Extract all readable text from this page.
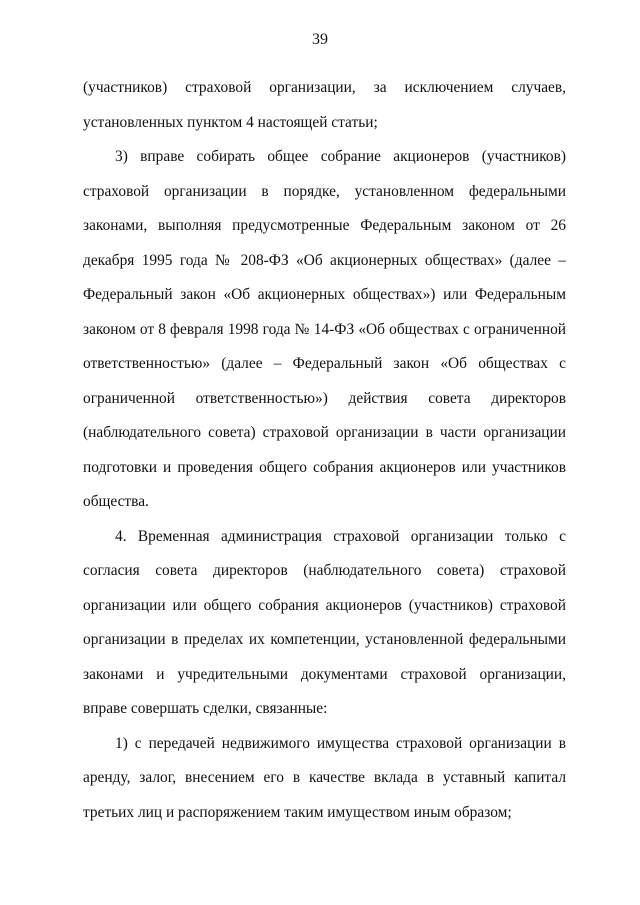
39

(участников) страховой организации, за исключением случаев, установленных пунктом 4 настоящей статьи;

3) вправе собирать общее собрание акционеров (участников) страховой организации в порядке, установленном федеральными законами, выполняя предусмотренные Федеральным законом от 26 декабря 1995 года № 208-ФЗ «Об акционерных обществах» (далее – Федеральный закон «Об акционерных обществах») или Федеральным законом от 8 февраля 1998 года № 14-ФЗ «Об обществах с ограниченной ответственностью» (далее – Федеральный закон «Об обществах с ограниченной ответственностью») действия совета директоров (наблюдательного совета) страховой организации в части организации подготовки и проведения общего собрания акционеров или участников общества.

4. Временная администрация страховой организации только с согласия совета директоров (наблюдательного совета) страховой организации или общего собрания акционеров (участников) страховой организации в пределах их компетенции, установленной федеральными законами и учредительными документами страховой организации, вправе совершать сделки, связанные:

1) с передачей недвижимого имущества страховой организации в аренду, залог, внесением его в качестве вклада в уставный капитал третьих лиц и распоряжением таким имуществом иным образом;
